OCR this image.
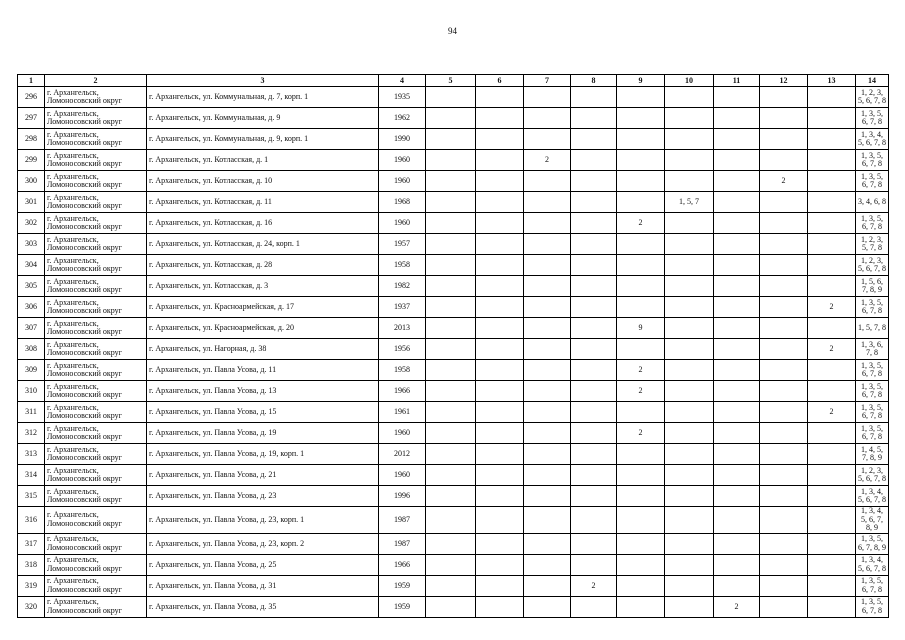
94
1	2	3	4	5	6	7	8	9	10	11	12	13	14
296	г. Архангельск, Ломоносовский округ	г. Архангельск, ул. Коммунальная, д. 7, корп. 1	1935										1, 2, 3, 5, 6, 7, 8
297	г. Архангельск, Ломоносовский округ	г. Архангельск, ул. Коммунальная, д. 9	1962										1, 3, 5, 6, 7, 8
298	г. Архангельск, Ломоносовский округ	г. Архангельск, ул. Коммунальная, д. 9, корп. 1	1990										1, 3, 4, 5, 6, 7, 8
299	г. Архангельск, Ломоносовский округ	г. Архангельск, ул. Котласская, д. 1	1960			2							1, 3, 5, 6, 7, 8
300	г. Архангельск, Ломоносовский округ	г. Архангельск, ул. Котласская, д. 10	1960								2		1, 3, 5, 6, 7, 8
301	г. Архангельск, Ломоносовский округ	г. Архангельск, ул. Котласская, д. 11	1968						1, 5, 7				3, 4, 6, 8
302	г. Архангельск, Ломоносовский округ	г. Архангельск, ул. Котласская, д. 16	1960					2					1, 3, 5, 6, 7, 8
303	г. Архангельск, Ломоносовский округ	г. Архангельск, ул. Котласская, д. 24, корп. 1	1957										1, 2, 3, 5, 7, 8
304	г. Архангельск, Ломоносовский округ	г. Архангельск, ул. Котласская, д. 28	1958										1, 2, 3, 5, 6, 7, 8
305	г. Архангельск, Ломоносовский округ	г. Архангельск, ул. Котласская, д. 3	1982										1, 5, 6, 7, 8, 9
306	г. Архангельск, Ломоносовский округ	г. Архангельск, ул. Красноармейская, д. 17	1937									2	1, 3, 5, 6, 7, 8
307	г. Архангельск, Ломоносовский округ	г. Архангельск, ул. Красноармейская, д. 20	2013					9					1, 5, 7, 8
308	г. Архангельск, Ломоносовский округ	г. Архангельск, ул. Нагорная, д. 38	1956									2	1, 3, 6, 7, 8
309	г. Архангельск, Ломоносовский округ	г. Архангельск, ул. Павла Усова, д. 11	1958					2					1, 3, 5, 6, 7, 8
310	г. Архангельск, Ломоносовский округ	г. Архангельск, ул. Павла Усова, д. 13	1966					2					1, 3, 5, 6, 7, 8
311	г. Архангельск, Ломоносовский округ	г. Архангельск, ул. Павла Усова, д. 15	1961									2	1, 3, 5, 6, 7, 8
312	г. Архангельск, Ломоносовский округ	г. Архангельск, ул. Павла Усова, д. 19	1960					2					1, 3, 5, 6, 7, 8
313	г. Архангельск, Ломоносовский округ	г. Архангельск, ул. Павла Усова, д. 19, корп. 1	2012										1, 4, 5, 7, 8, 9
314	г. Архангельск, Ломоносовский округ	г. Архангельск, ул. Павла Усова, д. 21	1960										1, 2, 3, 5, 6, 7, 8
315	г. Архангельск, Ломоносовский округ	г. Архангельск, ул. Павла Усова, д. 23	1996										1, 3, 4, 5, 6, 7, 8
316	г. Архангельск, Ломоносовский округ	г. Архангельск, ул. Павла Усова, д. 23, корп. 1	1987										1, 3, 4, 5, 6, 7, 8, 9
317	г. Архангельск, Ломоносовский округ	г. Архангельск, ул. Павла Усова, д. 23, корп. 2	1987										1, 3, 5, 6, 7, 8, 9
318	г. Архангельск, Ломоносовский округ	г. Архангельск, ул. Павла Усова, д. 25	1966										1, 3, 4, 5, 6, 7, 8
319	г. Архангельск, Ломоносовский округ	г. Архангельск, ул. Павла Усова, д. 31	1959				2						1, 3, 5, 6, 7, 8
320	г. Архангельск, Ломоносовский округ	г. Архангельск, ул. Павла Усова, д. 35	1959							2			1, 3, 5, 6, 7, 8
